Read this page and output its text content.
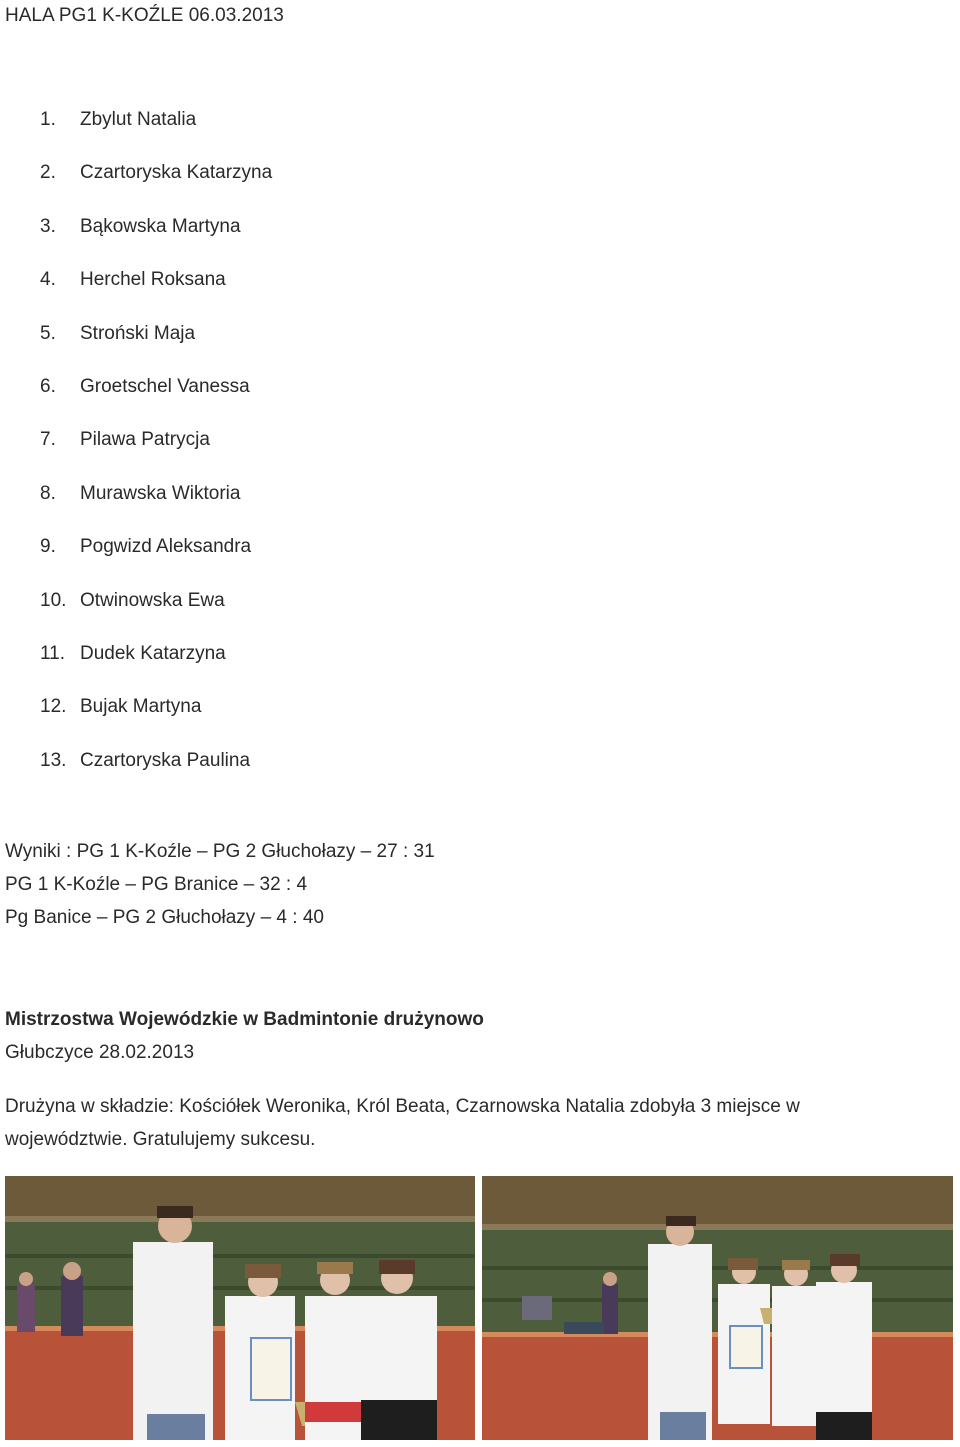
HALA PG1 K-KOŹLE 06.03.2013
1.	Zbylut Natalia
2.	Czartoryska Katarzyna
3.	Bąkowska Martyna
4.	Herchel Roksana
5.	Stroński Maja
6.	Groetschel Vanessa
7.	Pilawa Patrycja
8.	Murawska Wiktoria
9.	Pogwizd Aleksandra
10. Otwinowska Ewa
11. Dudek Katarzyna
12. Bujak Martyna
13. Czartoryska Paulina
Wyniki : PG 1 K-Koźle – PG 2 Głuchołazy – 27 : 31
PG 1 K-Koźle – PG Branice – 32 : 4
Pg Banice – PG 2 Głuchołazy – 4 : 40
Mistrzostwa Wojewódzkie w Badmintonie drużynowo
Głubczyce 28.02.2013
Drużyna w składzie: Kościółek Weronika, Król Beata, Czarnowska Natalia zdobyła 3 miejsce w województwie. Gratulujemy sukcesu.
